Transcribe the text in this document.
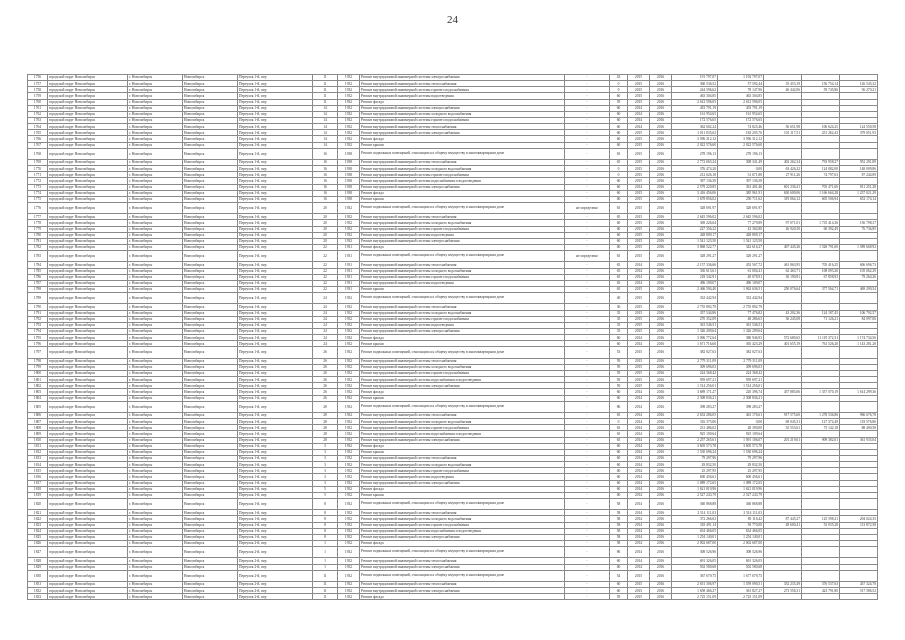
24
1756	городской округ Новосибирск	г. Новосибирск	Новосибирск	Переулок 1-й, пер	11	1932	Ремонт внутридомовой инженерной системы электроснабжения	-	43	2015	2016	191 797,07	1 192 797,07			
1757	городской округ Новосибирск	г. Новосибирск	Новосибирск	Переулок 1-й, пер	11	1932	Ремонт внутридомовой инженерной системы теплоснабжения	-	0	2015	2016	360 536,52	57 592,44	55 453,19	156 754,14	126 545,32
1758	городской округ Новосибирск	г. Новосибирск	Новосибирск	Переулок 1-й, пер	11	1932	Ремонт внутридомовой инженерной системы горячего водоснабжения	-	0	2015	2016	244 596,62	78 147,96	46 442,06	59 745,86	56 270,21
1759	городской округ Новосибирск	г. Новосибирск	Новосибирск	Переулок 1-й, пер	11	1932	Ремонт внутридомовой инженерной системы водоотведения	-	60	2015	2016	463 304,85	463 304,85			
1760	городской округ Новосибирск	г. Новосибирск	Новосибирск	Переулок 1-й, пер	11	1932	Ремонт фасада	-	59	2015	2016	2 612 596,05	2 612 596,05			
1761	городской округ Новосибирск	г. Новосибирск	Новосибирск	Переулок 1-й, пер	14	1932	Ремонт внутридомовой инженерной системы электроснабжения	-	60	2014	2016	453 791,19	453 791,19			
1762	городской округ Новосибирск	г. Новосибирск	Новосибирск	Переулок 1-й, пер	14	1932	Ремонт внутридомовой инженерной системы холодного водоснабжения	-	60	2014	2016	161 954,65	161 954,65			
1763	городской округ Новосибирск	г. Новосибирск	Новосибирск	Переулок 1-й, пер	14	1932	Ремонт внутридомовой инженерной системы горячего водоснабжения	-	60	2014	2016	172 576,65	172 576,65			
1764	городской округ Новосибирск	г. Новосибирск	Новосибирск	Переулок 1-й, пер	14	1932	Ремонт внутридомовой инженерной системы теплоснабжения	-	60	2014	2016	362 602,24	74 825,46	56 651,98	106 624,25	124 550,58
1765	городской округ Новосибирск	г. Новосибирск	Новосибирск	Переулок 1-й, пер	14	1932	Ремонт внутридомовой инженерной системы электроснабжения	-	60	2015	2016	1 011 035,62	182 205,76	101 117,51	251 262,43	379 051,93
1766	городской округ Новосибирск	г. Новосибирск	Новосибирск	Переулок 1-й, пер	14	1932	Ремонт фасада	-	60	2015	2016	3 596 312,12	3 596 312,12			
1767	городской округ Новосибирск	г. Новосибирск	Новосибирск	Переулок 1-й, пер	14	1932	Ремонт крыши	-	60	2015	2016	2 022 576,60	2 022 576,60			
1768	городской округ Новосибирск	г. Новосибирск	Новосибирск	Переулок 1-й, пер	16	1938	Ремонт подвальных помещений, относящихся к общему имуществу в многоквартирном доме	-	65	2015	2016	278 196,13	278 196,13			
1769	городской округ Новосибирск	г. Новосибирск	Новосибирск	Переулок 1-й, пер	16	1938	Ремонт внутридомовой инженерной системы теплоснабжения	-	65	2015	2016	2 772 065,24	308 341,49	402 262,34	793 958,27	952 291,89
1770	городской округ Новосибирск	г. Новосибирск	Новосибирск	Переулок 1-й, пер	16	1938	Ремонт внутридомовой инженерной системы холодного водоснабжения	-	0	2015	2016	376 474,20	0,00	63 426,22	124 082,00	148 009,86
1771	городской округ Новосибирск	г. Новосибирск	Новосибирск	Переулок 1-й, пер	16	1938	Ремонт внутридомовой инженерной системы горячего водоснабжения	-	0	2015	2016	212 026,18	31 671,88	27 911,26	74 797,63	87 244,89
1772	городской округ Новосибирск	г. Новосибирск	Новосибирск	Переулок 1-й, пер	16	1938	Ремонт внутридомовой инженерной системы водоснабжения и водоотведения	-	60	2015	2016	397 136,58	397 136,58			
1773	городской округ Новосибирск	г. Новосибирск	Новосибирск	Переулок 1-й, пер	16	1938	Ремонт внутридомовой инженерной системы электроснабжения	-	60	2014	2016	2 579 220,85	361 401,46	601 236,41	705 471,60	811 251,38
1774	городской округ Новосибирск	г. Новосибирск	Новосибирск	Переулок 1-й, пер	16	1938	Ремонт фасада	-	60	2015	2016	3 416 456,06	385 961,91	630 609,06	1 166 664,28	1 237 021,29
1775	городской округ Новосибирск	г. Новосибирск	Новосибирск	Переулок 1-й, пер	16	1938	Ремонт крыши	-	60	2015	2016	1 678 856,02	250 711,62	319 064,12	605 506,94	652 174,14
1776	городской округ Новосибирск	г. Новосибирск	Новосибирск	Переулок 1-й, пер	20	1932	Ремонт подвальных помещений, относящихся к общему имуществу в многоквартирном доме	не определено	65	2015	2016	328 691,97	328 691,97			
1777	городской округ Новосибирск	г. Новосибирск	Новосибирск	Переулок 1-й, пер	20	1932	Ремонт внутридомовой инженерной системы теплоснабжения	-	65	2015	2016	2 645 596,02	2 645 596,02			
1778	городской округ Новосибирск	г. Новосибирск	Новосибирск	Переулок 1-й, пер	20	1932	Ремонт внутридомовой инженерной системы холодного водоснабжения	-	60	2015	2016	369 226,64	77 279,89	97 071,01	1 735 414,36	156 798,37
1779	городской округ Новосибирск	г. Новосибирск	Новосибирск	Переулок 1-й, пер	20	1932	Ремонт внутридомовой инженерной системы горячего водоснабжения	-	60	2015	2016	227 356,22	43 302,80	26 920,50	60 392,49	76 736,85
1780	городской округ Новосибирск	г. Новосибирск	Новосибирск	Переулок 1-й, пер	20	1932	Ремонт внутридомовой инженерной системы водоотведения	-	60	2015	2016	428 809,17	428 809,17			
1781	городской округ Новосибирск	г. Новосибирск	Новосибирск	Переулок 1-й, пер	20	1932	Ремонт внутридомовой инженерной системы электроснабжения	-	60	2015	2016	1 541 123,50	1 541 123,50			
1782	городской округ Новосибирск	г. Новосибирск	Новосибирск	Переулок 1-й, пер	22	1931	Ремонт фасада	-	60	2015	2016	3 868 522,77	342 616,27	407 445,26	1 528 791,00	1 589 668,92
1783	городской округ Новосибирск	г. Новосибирск	Новосибирск	Переулок 1-й, пер	22	1931	Ремонт подвальных помещений, относящихся к общему имуществу в многоквартирном доме	не определено	65	2015	2016	328 291,27	328 291,27			
1784	городской округ Новосибирск	г. Новосибирск	Новосибирск	Переулок 1-й, пер	22	1931	Ремонт внутридомовой инженерной системы теплоснабжения	-	65	2014	2016	2 157 336,66	452 567,72	461 863,95	705 416,25	606 696,73
1785	городской округ Новосибирск	г. Новосибирск	Новосибирск	Переулок 1-й, пер	22	1931	Ремонт внутридомовой инженерной системы холодного водоснабжения	-	65	2014	2016	336 613,61	61 004,41	62 463,71	108 093,20	105 062,29
1786	городской округ Новосибирск	г. Новосибирск	Новосибирск	Переулок 1-й, пер	22	1931	Ремонт внутридомовой инженерной системы горячего водоснабжения	-	65	2014	2016	218 342,91	40 078,91	30 190,81	67 858,93	79 264,26
1787	городской округ Новосибирск	г. Новосибирск	Новосибирск	Переулок 1-й, пер	22	1931	Ремонт внутридомовой инженерной системы водоотведения	-	65	2014	2016	496 109,07	496 109,07			
1788	городской округ Новосибирск	г. Новосибирск	Новосибирск	Переулок 1-й, пер	22	1931	Ремонт крыши	-	65	2015	2016	2 466 594,40	1 062 636,51	250 076,64	377 564,71	469 290,54
1789	городской округ Новосибирск	г. Новосибирск	Новосибирск	Переулок 1-й, пер	24	1932	Ремонт подвальных помещений, относящихся к общему имуществу в многоквартирном доме	-	40	2015	2016	332 442,94	332 442,94			
1790	городской округ Новосибирск	г. Новосибирск	Новосибирск	Переулок 1-й, пер	24	1932	Ремонт внутридомовой инженерной системы теплоснабжения	-	36	2015	2016	2 755 892,79	2 755 892,79			
1791	городской округ Новосибирск	г. Новосибирск	Новосибирск	Переулок 1-й, пер	24	1932	Ремонт внутридомовой инженерной системы холодного водоснабжения	-	35	2015	2016	357 544,86	77 476,82	43 202,36	124 187,45	106 792,57
1792	городской округ Новосибирск	г. Новосибирск	Новосибирск	Переулок 1-й, пер	24	1932	Ремонт внутридомовой инженерной системы горячего водоснабжения	-	35	2015	2016	270 352,09	48 286,63	36 245,08	71 126,21	84 097,06
1793	городской округ Новосибирск	г. Новосибирск	Новосибирск	Переулок 1-й, пер	24	1932	Ремонт внутридомовой инженерной системы водоотведения	-	35	2015	2016	361 546,51	361 546,51			
1794	городской округ Новосибирск	г. Новосибирск	Новосибирск	Переулок 1-й, пер	24	1932	Ремонт внутридомовой инженерной системы электроснабжения	-	35	2015	2016	1 326 209,64	1 326 209,64			
1795	городской округ Новосибирск	г. Новосибирск	Новосибирск	Переулок 1-й, пер	24	1932	Ремонт фасада	-	60	2014	2016	3 006 772,64	380 946,93	572 680,65	11 119 372,31	1 174 734,56
1796	городской округ Новосибирск	г. Новосибирск	Новосибирск	Переулок 1-й, пер	24	1932	Ремонт крыши	-	60	2014	2016	1 671 716,60	365 423,29	401 655,19	761 526,20	1 143 281,28
1797	городской округ Новосибирск	г. Новосибирск	Новосибирск	Переулок 1-й, пер	26	1932	Ремонт подвальных помещений, относящихся к общему имуществу в многоквартирном доме	-	53	2015	2016	382 027,63	382 027,63			
1798	городской округ Новосибирск	г. Новосибирск	Новосибирск	Переулок 1-й, пер	26	1932	Ремонт внутридомовой инженерной системы теплоснабжения	-	59	2015	2016	2 779 311,09	2 779 311,09			
1799	городской округ Новосибирск	г. Новосибирск	Новосибирск	Переулок 1-й, пер	26	1932	Ремонт внутридомовой инженерной системы холодного водоснабжения	-	59	2015	2016	309 696,03	309 696,03			
1800	городской округ Новосибирск	г. Новосибирск	Новосибирск	Переулок 1-й, пер	26	1932	Ремонт внутридомовой инженерной системы горячего водоснабжения	-	59	2015	2016	224 368,42	224 368,42			
1801	городской округ Новосибирск	г. Новосибирск	Новосибирск	Переулок 1-й, пер	26	1932	Ремонт внутридомовой инженерной системы водоснабжения и водоотведения	-	59	2015	2016	959 697,21	959 697,21			
1802	городской округ Новосибирск	г. Новосибирск	Новосибирск	Переулок 1-й, пер	26	1932	Ремонт внутридомовой инженерной системы электроснабжения	-	59	2015	2016	1 514 256,01	1 514 256,01			
1803	городской округ Новосибирск	г. Новосибирск	Новосибирск	Переулок 1-й, пер	26	1932	Ремонт фасада	-	60	2014	2016	3 689 171,27	220 396,74	457 885,06	1 357 070,19	1 614 299,36
1804	городской округ Новосибирск	г. Новосибирск	Новосибирск	Переулок 1-й, пер	26	1932	Ремонт крыши	-	60	2014	2016	2 308 836,21	2 308 836,21			
1805	городской округ Новосибирск	г. Новосибирск	Новосибирск	Переулок 1-й, пер	28	1932	Ремонт подвальных помещений, относящихся к общему имуществу в многоквартирном доме	-	86	2014	2016	398 283,27	398 283,27			
1806	городской округ Новосибирск	г. Новосибирск	Новосибирск	Переулок 1-й, пер	28	1932	Ремонт внутридомовой инженерной системы теплоснабжения	-	65	2014	2016	2 652 286,05	461 176,61	917 575,60	1 278 536,86	966 676,78
1807	городской округ Новосибирск	г. Новосибирск	Новосибирск	Переулок 1-й, пер	28	1932	Ремонт внутридомовой инженерной системы холодного водоснабжения	-	0	2014	2016	316 375,06	0,00	69 045,31	127 374,49	119 576,86
1808	городской округ Новосибирск	г. Новосибирск	Новосибирск	Переулок 1-й, пер	28	1932	Ремонт внутридомовой инженерной системы горячего водоснабжения	-	65	2014	2016	231 486,02	28 390,00	35 553,61	75 142,18	88 400,58
1809	городской округ Новосибирск	г. Новосибирск	Новосибирск	Переулок 1-й, пер	28	1932	Ремонт внутридомовой инженерной системы водоснабжения и водоотведения	-	65	2014	2016	925 109,64	925 109,64			
1810	городской округ Новосибирск	г. Новосибирск	Новосибирск	Переулок 1-й, пер	28	1932	Ремонт внутридомовой инженерной системы электроснабжения	-	65	2014	2016	2 257 265,61	1 091 106,07	201 219,61	909 382,01	361 935,04
1811	городской округ Новосибирск	г. Новосибирск	Новосибирск	Переулок 1-й, пер	3	1932	Ремонт фасада	-	60	2014	2016	3 605 573,78	3 605 573,78			
1812	городской округ Новосибирск	г. Новосибирск	Новосибирск	Переулок 1-й, пер	3	1932	Ремонт крыши	-	60	2014	2016	1 530 696,24	1 530 696,24			
1813	городской округ Новосибирск	г. Новосибирск	Новосибирск	Переулок 1-й, пер	3	1932	Ремонт внутридомовой инженерной системы теплоснабжения	-	60	2014	2016	79 297,96	79 297,96			
1814	городской округ Новосибирск	г. Новосибирск	Новосибирск	Переулок 1-й, пер	3	1932	Ремонт внутридомовой инженерной системы холодного водоснабжения	-	60	2014	2016	29 832,50	29 832,50			
1815	городской округ Новосибирск	г. Новосибирск	Новосибирск	Переулок 1-й, пер	3	1932	Ремонт внутридомовой инженерной системы горячего водоснабжения	-	60	2014	2016	25 297,95	25 297,95			
1816	городской округ Новосибирск	г. Новосибирск	Новосибирск	Переулок 1-й, пер	3	1932	Ремонт внутридомовой инженерной системы водоотведения	-	60	2014	2016	600 456,61	600 456,61			
1817	городской округ Новосибирск	г. Новосибирск	Новосибирск	Переулок 1-й, пер	3	1932	Ремонт внутридомовой инженерной системы электроснабжения	-	60	2014	2016	1 089 172,65	1 089 172,65			
1818	городской округ Новосибирск	г. Новосибирск	Новосибирск	Переулок 1-й, пер	5	1932	Ремонт фасада	-	60	2014	2016	1 621 019,96	1 621 019,96			
1819	городской округ Новосибирск	г. Новосибирск	Новосибирск	Переулок 1-й, пер	5	1932	Ремонт крыши	-	60	2014	2016	2 527 243,79	2 527 243,79			
1820	городской округ Новосибирск	г. Новосибирск	Новосибирск	Переулок 1-й, пер	8	1932	Ремонт подвальных помещений, относящихся к общему имуществу в многоквартирном доме	-	58	2014	2016	360 868,88	360 868,88			
1821	городской округ Новосибирск	г. Новосибирск	Новосибирск	Переулок 1-й, пер	8	1932	Ремонт внутридомовой инженерной системы теплоснабжения	-	58	2014	2016	2 514 111,03	2 514 111,03			
1822	городской округ Новосибирск	г. Новосибирск	Новосибирск	Переулок 1-й, пер	8	1932	Ремонт внутридомовой инженерной системы холодного водоснабжения	-	58	2014	2016	372 266,63	85 116,42	87 445,27	125 598,21	204 024,35
1823	городской округ Новосибирск	г. Новосибирск	Новосибирск	Переулок 1-й, пер	8	1932	Ремонт внутридомовой инженерной системы горячего водоснабжения	-	58	2014	2016	318 491,14	39 770,00	48 600,41	53 035,28	113 872,58
1824	городской округ Новосибирск	г. Новосибирск	Новосибирск	Переулок 1-й, пер	8	1932	Ремонт внутридомовой инженерной системы водоснабжения и водоотведения	-	58	2014	2016	634 466,05	634 466,05			
1825	городской округ Новосибирск	г. Новосибирск	Новосибирск	Переулок 1-й, пер	8	1932	Ремонт внутридомовой инженерной системы электроснабжения	-	58	2014	2016	1 254 140,01	1 254 140,01			
1826	городской округ Новосибирск	г. Новосибирск	Новосибирск	Переулок 2-й, пер	1	1932	Ремонт фасада	-	58	2014	2016	2 002 687,00	2 002 687,00			
1827	городской округ Новосибирск	г. Новосибирск	Новосибирск	Переулок 2-й, пер	1	1932	Ремонт подвальных помещений, относящихся к общему имуществу в многоквартирном доме	-	86	2014	2016	308 526,96	308 526,96			
1828	городской округ Новосибирск	г. Новосибирск	Новосибирск	Переулок 2-й, пер	1	1932	Ремонт внутридомовой инженерной системы теплоснабжения	-	60	2014	2016	691 326,05	691 326,05			
1829	городской округ Новосибирск	г. Новосибирск	Новосибирск	Переулок 2-й, пер	1	1932	Ремонт внутридомовой инженерной системы электроснабжения	-	60	2014	2016	502 580,68	502 580,68			
1830	городской округ Новосибирск	г. Новосибирск	Новосибирск	Переулок 2-й, пер	11	1932	Ремонт подвальных помещений, относящихся к общему имуществу в многоквартирном доме	-	54	2015	2016	367 679,75	1 677 679,75			
1831	городской округ Новосибирск	г. Новосибирск	Новосибирск	Переулок 2-й, пер	11	1932	Ремонт внутридомовой инженерной системы теплоснабжения	-	60	2015	2016	2 651 306,97	1 559 090,51	352 235,49	376 537,63	437 324,78
1832	городской округ Новосибирск	г. Новосибирск	Новосибирск	Переулок 2-й, пер	11	1932	Ремонт внутридомовой инженерной системы электроснабжения	-	60	2015	2016	1 658 466,27	361 827,27	273 556,31	423 791,80	517 586,52
1833	городской округ Новосибирск	г. Новосибирск	Новосибирск	Переулок 2-й, пер	11	1932	Ремонт фасада	-	59	2015	2016	2 725 151,09	2 725 151,09			
